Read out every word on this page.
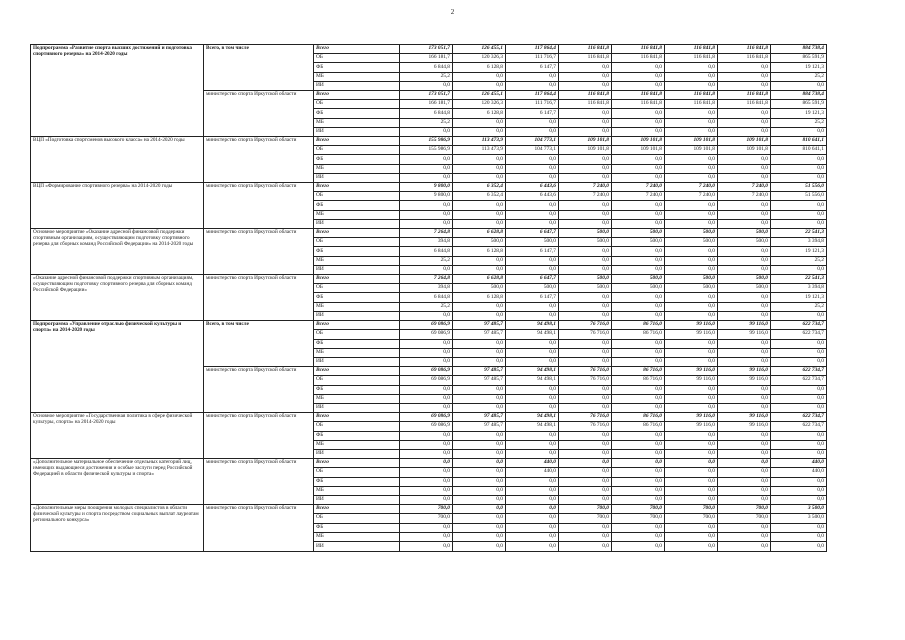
2
Подпрограмма «Развитие спорта высших достижений и подготовка спортивного резерва» на 2014-2020 годы	Всего, в том числе	Всего	173 051,7	126 455,1	117 864,4	116 841,8	116 841,8	116 841,8	116 841,8	884 738,4
		ОБ	166 181,7	120 326,3	111 716,7	116 841,8	116 841,8	116 841,8	116 841,8	865 591,9
		ФБ	6 844,8	6 128,8	6 147,7	0,0	0,0	0,0	0,0	19 121,3
		МБ	25,2	0,0	0,0	0,0	0,0	0,0	0,0	25,2
		ИИ	0,0	0,0	0,0	0,0	0,0	0,0	0,0	0,0
	министерство спорта Иркутской области	Всего	173 051,7	126 455,1	117 864,4	116 841,8	116 841,8	116 841,8	116 841,8	884 738,4
		ОБ	166 181,7	120 326,3	111 716,7	116 841,8	116 841,8	116 841,8	116 841,8	865 591,9
		ФБ	6 844,8	6 128,8	6 147,7	0,0	0,0	0,0	0,0	19 121,3
		МБ	25,2	0,0	0,0	0,0	0,0	0,0	0,0	25,2
		ИИ	0,0	0,0	0,0	0,0	0,0	0,0	0,0	0,0
ВЦП «Подготовка спортсменов высокого класса» на 2014-2020 годы	министерство спорта Иркутской области	Всего	155 986,9	113 473,9	104 773,1	109 101,8	109 101,8	109 101,8	109 101,8	810 641,1
		ОБ	155 986,9	113 473,9	104 773,1	109 101,8	109 101,8	109 101,8	109 101,8	810 641,1
		ФБ	0,0	0,0	0,0	0,0	0,0	0,0	0,0	0,0
		МБ	0,0	0,0	0,0	0,0	0,0	0,0	0,0	0,0
		ИИ	0,0	0,0	0,0	0,0	0,0	0,0	0,0	0,0
ВЦП «Формирование спортивного резерва» на 2014-2020 годы	министерство спорта Иркутской области	Всего	9 800,0	6 352,4	6 443,6	7 240,0	7 240,0	7 240,0	7 240,0	51 556,0
		ОБ	9 800,0	6 352,4	6 443,6	7 240,0	7 240,0	7 240,0	7 240,0	51 556,0
		ФБ	0,0	0,0	0,0	0,0	0,0	0,0	0,0	0,0
		МБ	0,0	0,0	0,0	0,0	0,0	0,0	0,0	0,0
		ИИ	0,0	0,0	0,0	0,0	0,0	0,0	0,0	0,0
Основное мероприятие «Оказание адресной финансовой поддержки спортивным организациям, осуществляющим подготовку спортивного резерва для сборных команд Российской Федерации» на 2014-2020 годы	министерство спорта Иркутской области	Всего	7 264,8	6 628,8	6 647,7	500,0	500,0	500,0	500,0	22 541,3
		ОБ	394,8	500,0	500,0	500,0	500,0	500,0	500,0	3 394,8
		ФБ	6 844,8	6 128,8	6 147,7	0,0	0,0	0,0	0,0	19 121,3
		МБ	25,2	0,0	0,0	0,0	0,0	0,0	0,0	25,2
		ИИ	0,0	0,0	0,0	0,0	0,0	0,0	0,0	0,0
«Оказание адресной финансовой поддержки спортивным организациям, осуществляющим подготовку спортивного резерва для сборных команд Российской Федерации»	министерство спорта Иркутской области	Всего	7 264,8	6 628,8	6 647,7	500,0	500,0	500,0	500,0	22 541,3
		ОБ	394,8	500,0	500,0	500,0	500,0	500,0	500,0	3 394,8
		ФБ	6 844,8	6 128,8	6 147,7	0,0	0,0	0,0	0,0	19 121,3
		МБ	25,2	0,0	0,0	0,0	0,0	0,0	0,0	25,2
		ИИ	0,0	0,0	0,0	0,0	0,0	0,0	0,0	0,0
Подпрограмма «Управление отраслью физической культуры и спорта» на 2014-2020 годы	Всего, в том числе	Всего	69 086,9	97 485,7	94 498,1	76 716,0	86 716,0	99 116,0	99 116,0	622 734,7
		ОБ	69 086,9	97 485,7	94 498,1	76 716,0	86 716,0	99 116,0	99 116,0	622 734,7
		ФБ	0,0	0,0	0,0	0,0	0,0	0,0	0,0	0,0
		МБ	0,0	0,0	0,0	0,0	0,0	0,0	0,0	0,0
		ИИ	0,0	0,0	0,0	0,0	0,0	0,0	0,0	0,0
	министерство спорта Иркутской области	Всего	69 086,9	97 485,7	94 498,1	76 716,0	86 716,0	99 116,0	99 116,0	622 734,7
		ОБ	69 086,9	97 485,7	94 498,1	76 716,0	86 716,0	99 116,0	99 116,0	622 734,7
		ФБ	0,0	0,0	0,0	0,0	0,0	0,0	0,0	0,0
		МБ	0,0	0,0	0,0	0,0	0,0	0,0	0,0	0,0
		ИИ	0,0	0,0	0,0	0,0	0,0	0,0	0,0	0,0
Основное мероприятие «Государственная политика в сфере физической культуры, спорта» на 2014-2020 годы	министерство спорта Иркутской области	Всего	69 086,9	97 485,7	94 498,1	76 716,0	86 716,0	99 116,0	99 116,0	622 734,7
		ОБ	69 086,9	97 485,7	94 498,1	76 716,0	86 716,0	99 116,0	99 116,0	622 734,7
		ФБ	0,0	0,0	0,0	0,0	0,0	0,0	0,0	0,0
		МБ	0,0	0,0	0,0	0,0	0,0	0,0	0,0	0,0
		ИИ	0,0	0,0	0,0	0,0	0,0	0,0	0,0	0,0
«Дополнительное материальное обеспечение отдельных категорий лиц, имеющих выдающиеся достижения и особые заслуги перед Российской Федерацией в области физической культуры и спорта»	министерство спорта Иркутской области	Всего	0,0	0,0	440,0	0,0	0,0	0,0	0,0	440,0
		ОБ	0,0	0,0	440,0	0,0	0,0	0,0	0,0	440,0
		ФБ	0,0	0,0	0,0	0,0	0,0	0,0	0,0	0,0
		МБ	0,0	0,0	0,0	0,0	0,0	0,0	0,0	0,0
		ИИ	0,0	0,0	0,0	0,0	0,0	0,0	0,0	0,0
«Дополнительные меры поощрения молодых специалистов в области физической культуры и спорта посредством социальных выплат лауреатам регионального конкурса»	министерство спорта Иркутской области	Всего	700,0	0,0	0,0	700,0	700,0	700,0	700,0	3 500,0
		ОБ	700,0	0,0	0,0	700,0	700,0	700,0	700,0	3 500,0
		ФБ	0,0	0,0	0,0	0,0	0,0	0,0	0,0	0,0
		МБ	0,0	0,0	0,0	0,0	0,0	0,0	0,0	0,0
		ИИ	0,0	0,0	0,0	0,0	0,0	0,0	0,0	0,0
